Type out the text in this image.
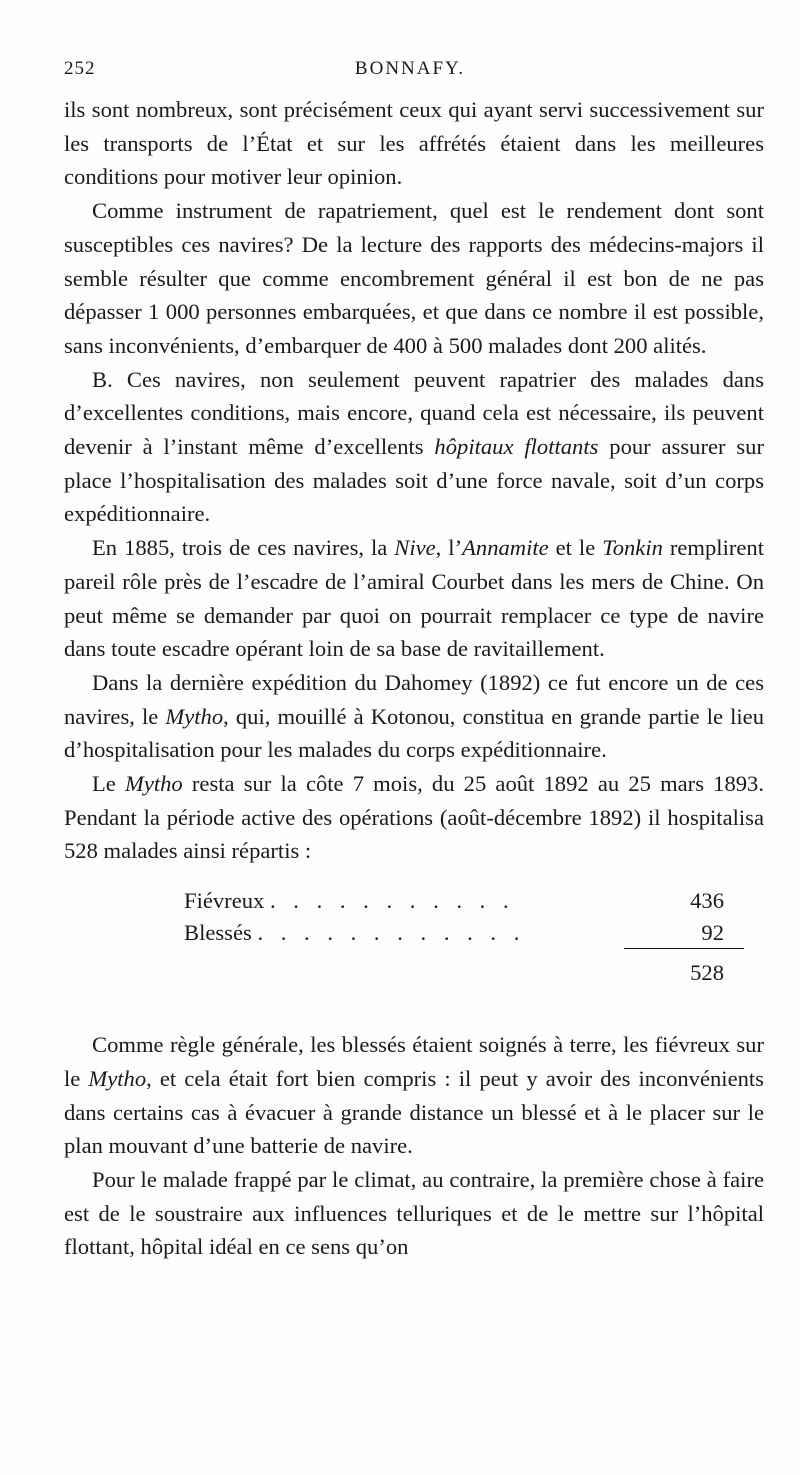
252	BONNAFY.

ils sont nombreux, sont précisément ceux qui ayant servi successivement sur les transports de l’État et sur les affrétés étaient dans les meilleures conditions pour motiver leur opinion.

Comme instrument de rapatriement, quel est le rendement dont sont susceptibles ces navires? De la lecture des rapports des médecins-majors il semble résulter que comme encombrement général il est bon de ne pas dépasser 1 000 personnes embarquées, et que dans ce nombre il est possible, sans inconvénients, d’embarquer de 400 à 500 malades dont 200 alités.

B. Ces navires, non seulement peuvent rapatrier des malades dans d’excellentes conditions, mais encore, quand cela est nécessaire, ils peuvent devenir à l’instant même d’excellents hôpitaux flottants pour assurer sur place l’hospitalisation des malades soit d’une force navale, soit d’un corps expéditionnaire.

En 1885, trois de ces navires, la Nive, l’Annamite et le Tonkin remplirent pareil rôle près de l’escadre de l’amiral Courbet dans les mers de Chine. On peut même se demander par quoi on pourrait remplacer ce type de navire dans toute escadre opérant loin de sa base de ravitaillement.

Dans la dernière expédition du Dahomey (1892) ce fut encore un de ces navires, le Mytho, qui, mouillé à Kotonou, constitua en grande partie le lieu d’hospitalisation pour les malades du corps expéditionnaire.

Le Mytho resta sur la côte 7 mois, du 25 août 1892 au 25 mars 1893. Pendant la période active des opérations (août-décembre 1892) il hospitalisa 528 malades ainsi répartis :

Fiévreux . . . . . . . . . . .	436
Blessés . . . . . . . . . . . .	92
528

Comme règle générale, les blessés étaient soignés à terre, les fiévreux sur le Mytho, et cela était fort bien compris : il peut y avoir des inconvénients dans certains cas à évacuer à grande distance un blessé et à le placer sur le plan mouvant d’une batterie de navire.

Pour le malade frappé par le climat, au contraire, la première chose à faire est de le soustraire aux influences telluriques et de le mettre sur l’hôpital flottant, hôpital idéal en ce sens qu’on
